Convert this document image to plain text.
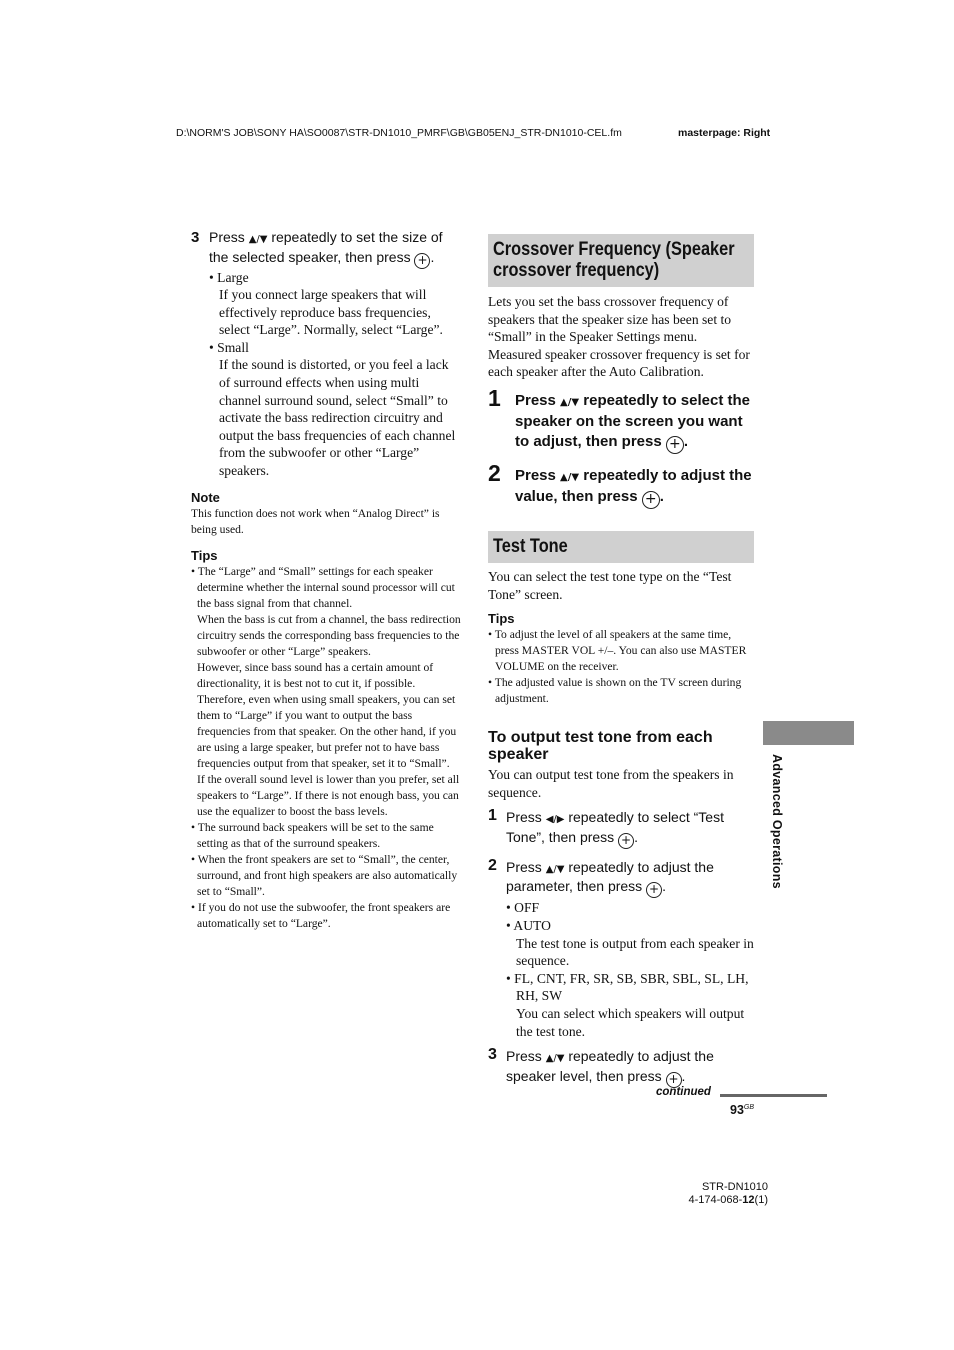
D:\NORM'S JOB\SONY HA\SO0087\STR-DN1010_PMRF\GB\GB05ENJ_STR-DN1010-CEL.fm	masterpage: Right
3 Press ▲/▼ repeatedly to set the size of
the selected speaker, then press + .
• Large
If you connect large speakers that will effectively reproduce bass frequencies, select “Large”. Normally, select “Large”.
• Small
If the sound is distorted, or you feel a lack of surround effects when using multi channel surround sound, select “Small” to activate the bass redirection circuitry and output the bass frequencies of each channel from the subwoofer or other “Large” speakers.
Note
This function does not work when “Analog Direct” is being used.
Tips
• The “Large” and “Small” settings for each speaker determine whether the internal sound processor will cut the bass signal from that channel.
When the bass is cut from a channel, the bass redirection circuitry sends the corresponding bass frequencies to the subwoofer or other “Large” speakers.
However, since bass sound has a certain amount of directionality, it is best not to cut it, if possible. Therefore, even when using small speakers, you can set them to “Large” if you want to output the bass frequencies from that speaker. On the other hand, if you are using a large speaker, but prefer not to have bass frequencies output from that speaker, set it to “Small”.
If the overall sound level is lower than you prefer, set all speakers to “Large”. If there is not enough bass, you can use the equalizer to boost the bass levels.
• The surround back speakers will be set to the same setting as that of the surround speakers.
• When the front speakers are set to “Small”, the center, surround, and front high speakers are also automatically set to “Small”.
• If you do not use the subwoofer, the front speakers are automatically set to “Large”.
Crossover Frequency (Speaker crossover frequency)
Lets you set the bass crossover frequency of speakers that the speaker size has been set to “Small” in the Speaker Settings menu. Measured speaker crossover frequency is set for each speaker after the Auto Calibration.
1 Press ▲/▼ repeatedly to select the speaker on the screen you want to adjust, then press + .
2 Press ▲/▼ repeatedly to adjust the value, then press + .
Test Tone
You can select the test tone type on the “Test Tone” screen.
Tips
• To adjust the level of all speakers at the same time, press MASTER VOL +/–. You can also use MASTER VOLUME on the receiver.
• The adjusted value is shown on the TV screen during adjustment.
To output test tone from each speaker
You can output test tone from the speakers in sequence.
1 Press ◀/▶ repeatedly to select “Test Tone”, then press + .
2 Press ▲/▼ repeatedly to adjust the parameter, then press + .
• OFF
• AUTO
The test tone is output from each speaker in sequence.
• FL, CNT, FR, SR, SB, SBR, SBL, SL, LH, RH, SW
You can select which speakers will output the test tone.
3 Press ▲/▼ repeatedly to adjust the speaker level, then press + .
Advanced Operations
continued
$93^{GB}$
STR-DN1010
4-174-068-12(1)
